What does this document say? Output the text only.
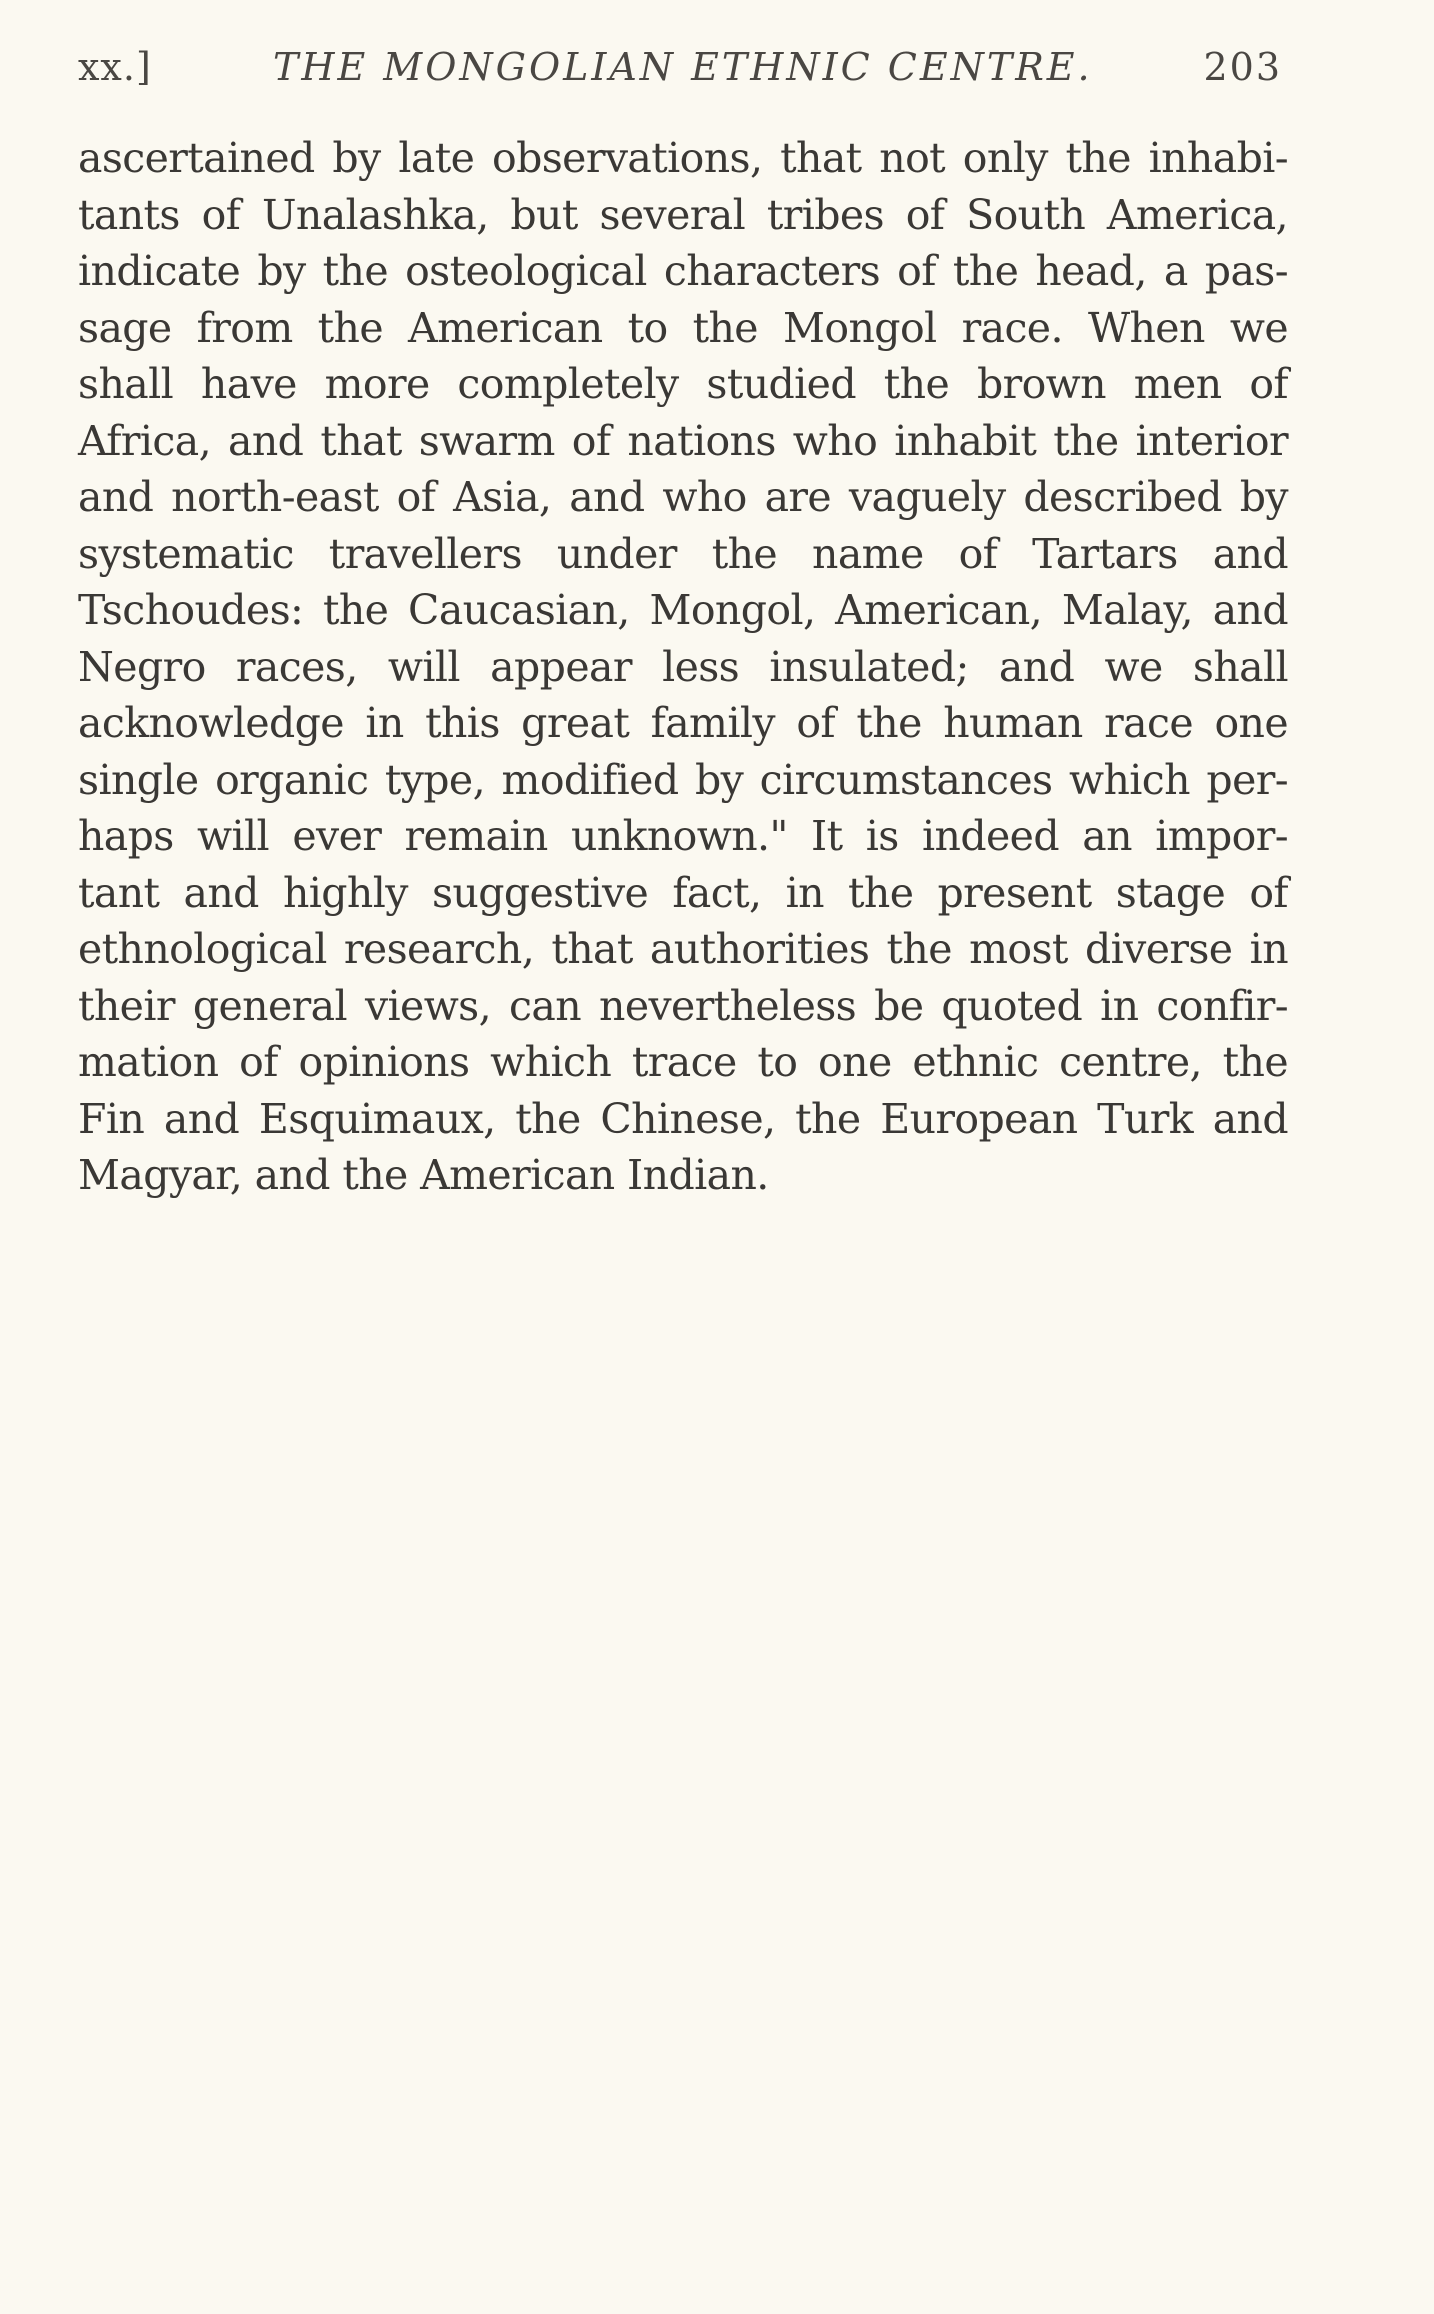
xx.]	THE MONGOLIAN ETHNIC CENTRE.	203
ascertained by late observations, that not only the inhabi-
tants of Unalashka, but several tribes of South America,
indicate by the osteological characters of the head, a pas-
sage from the American to the Mongol race. When we
shall have more completely studied the brown men of
Africa, and that swarm of nations who inhabit the interior
and north-east of Asia, and who are vaguely described by
systematic travellers under the name of Tartars and
Tschoudes: the Caucasian, Mongol, American, Malay, and
Negro races, will appear less insulated; and we shall
acknowledge in this great family of the human race one
single organic type, modified by circumstances which per-
haps will ever remain unknown." It is indeed an impor-
tant and highly suggestive fact, in the present stage of
ethnological research, that authorities the most diverse in
their general views, can nevertheless be quoted in confir-
mation of opinions which trace to one ethnic centre, the
Fin and Esquimaux, the Chinese, the European Turk and
Magyar, and the American Indian.
